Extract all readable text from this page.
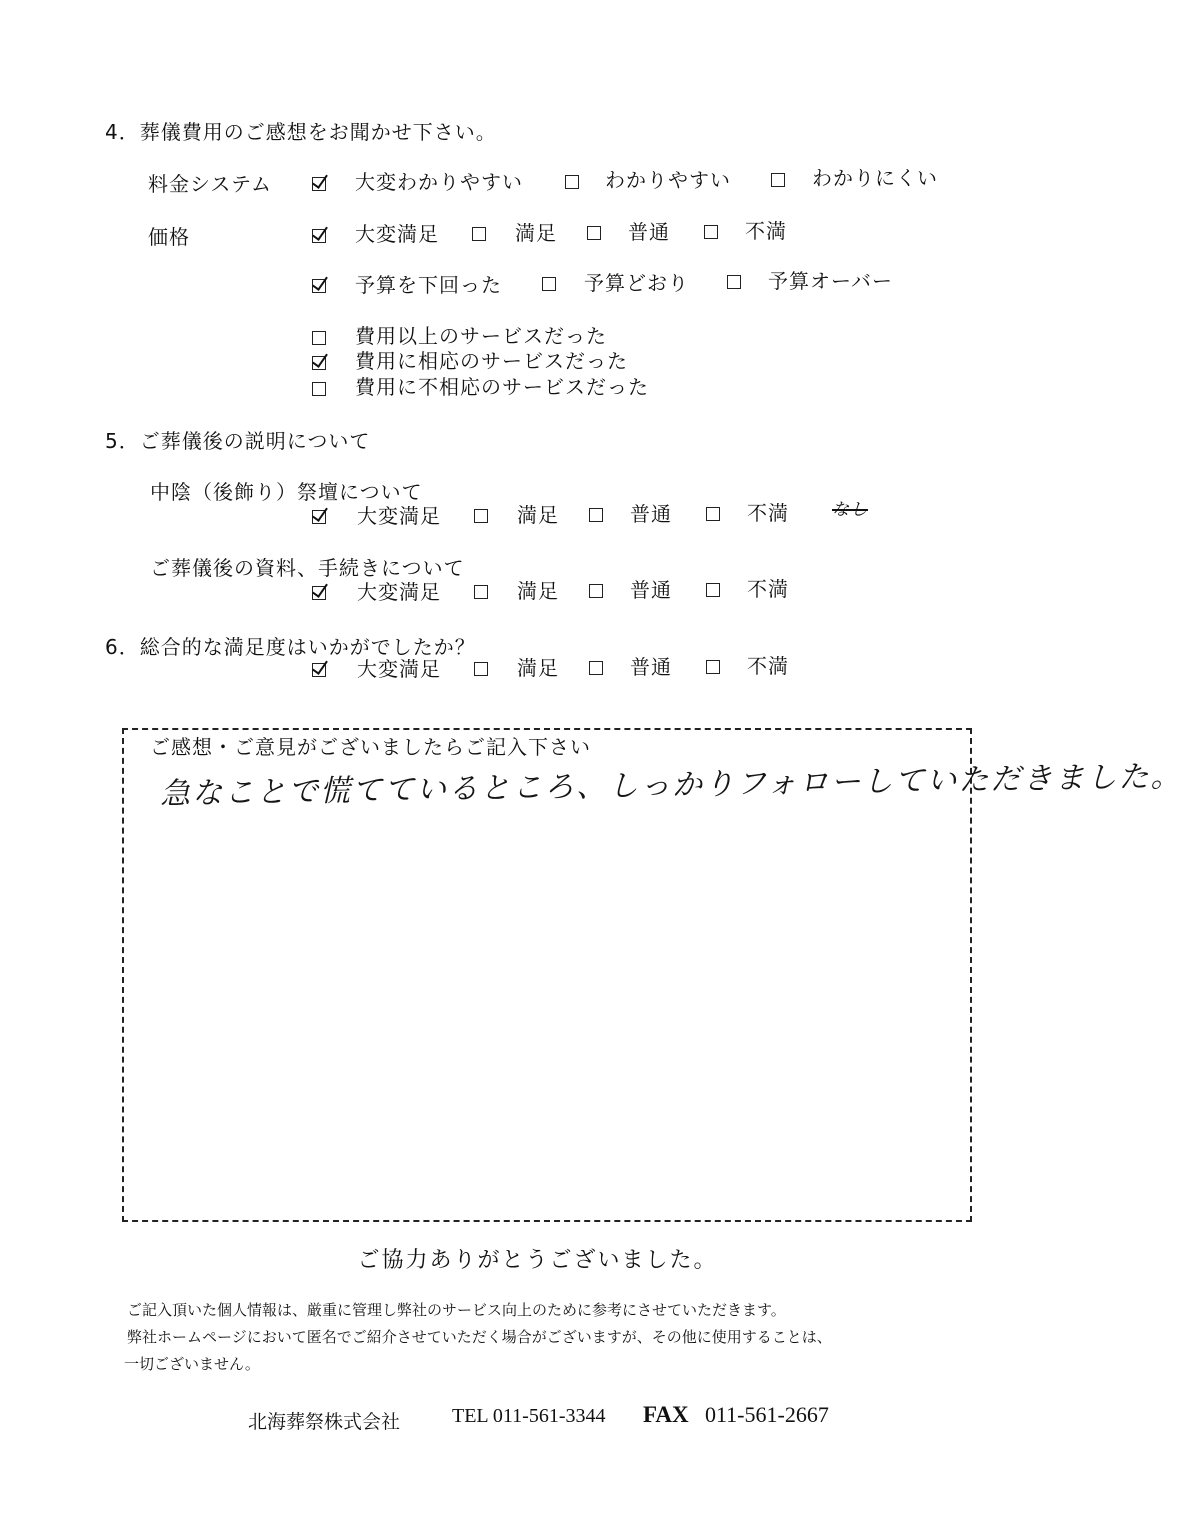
4．葬儀費用のご感想をお聞かせ下さい。
料金システム	大変わかりやすい	わかりやすい	わかりにくい
価格	大変満足	満足	普通	不満
予算を下回った	予算どおり	予算オーバー
費用以上のサービスだった
費用に相応のサービスだった
費用に不相応のサービスだった
5．ご葬儀後の説明について
中陰（後飾り）祭壇について
大変満足	満足	普通	不満	なし
ご葬儀後の資料、手続きについて
大変満足	満足	普通	不満
6．総合的な満足度はいかがでしたか？
大変満足	満足	普通	不満
ご感想・ご意見がございましたらご記入下さい
急なことで慌てているところ、しっかりフォローしていただきました。
ご協力ありがとうございました。
ご記入頂いた個人情報は、厳重に管理し弊社のサービス向上のために参考にさせていただきます。
弊社ホームページにおいて匿名でご紹介させていただく場合がございますが、その他に使用することは、
一切ございません。
北海葬祭株式会社	TEL 011-561-3344 FAX 011-561-2667
